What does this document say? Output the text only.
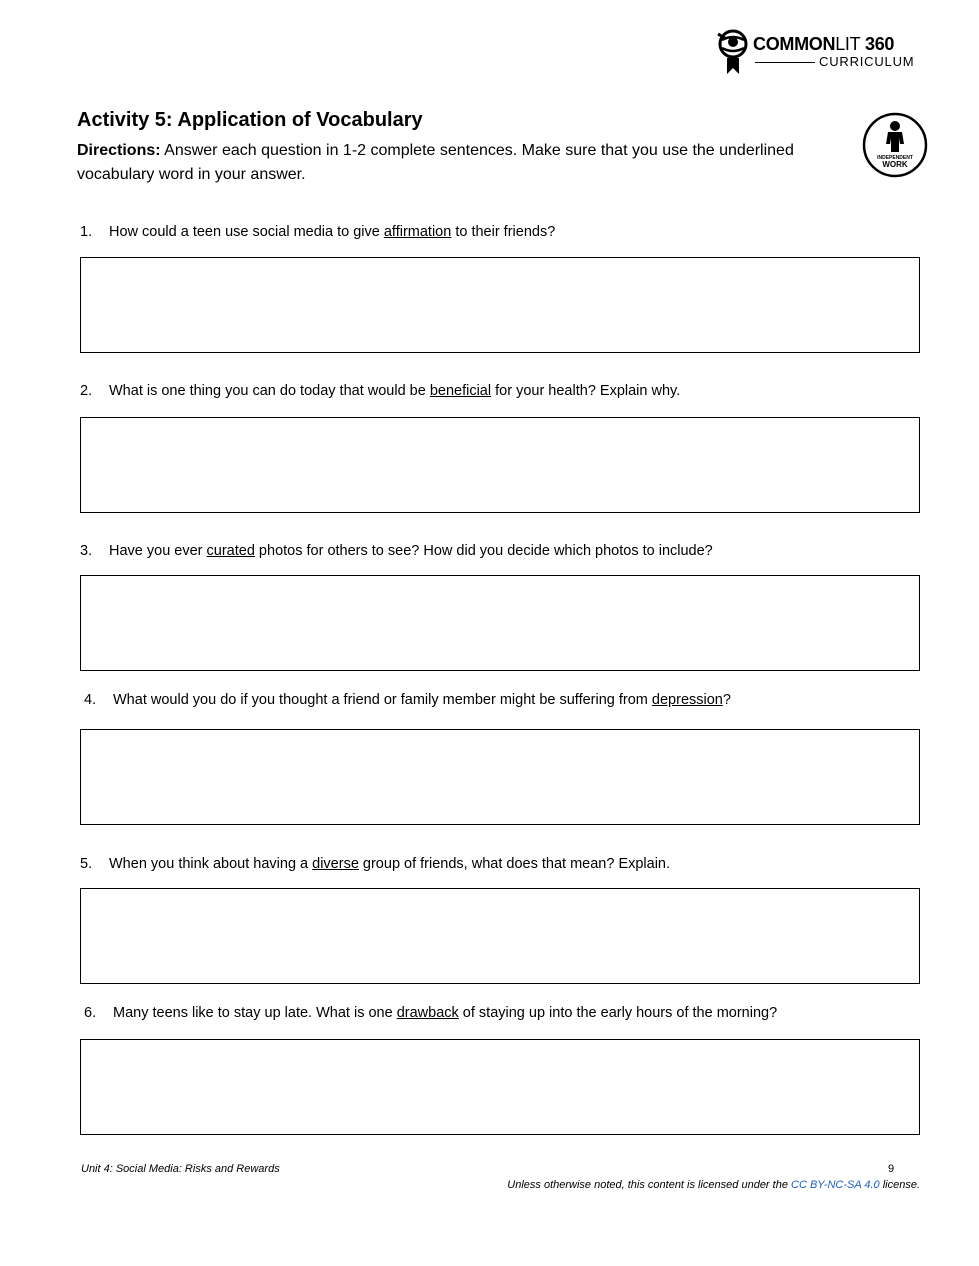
COMMONLIT 360
CURRICULUM
Activity 5: Application of Vocabulary

Directions: Answer each question in 1-2 complete sentences. Make sure that you use the underlined vocabulary word in your answer.

INDEPENDENT
WORK
1. How could a teen use social media to give affirmation to their friends?
2. What is one thing you can do today that would be beneficial for your health? Explain why.
3. Have you ever curated photos for others to see? How did you decide which photos to include?
4. What would you do if you thought a friend or family member might be suffering from depression?
5. When you think about having a diverse group of friends, what does that mean? Explain.
6. Many teens like to stay up late. What is one drawback of staying up into the early hours of the morning?
Unit 4: Social Media: Risks and Rewards	9
Unless otherwise noted, this content is licensed under the CC BY-NC-SA 4.0 license.
